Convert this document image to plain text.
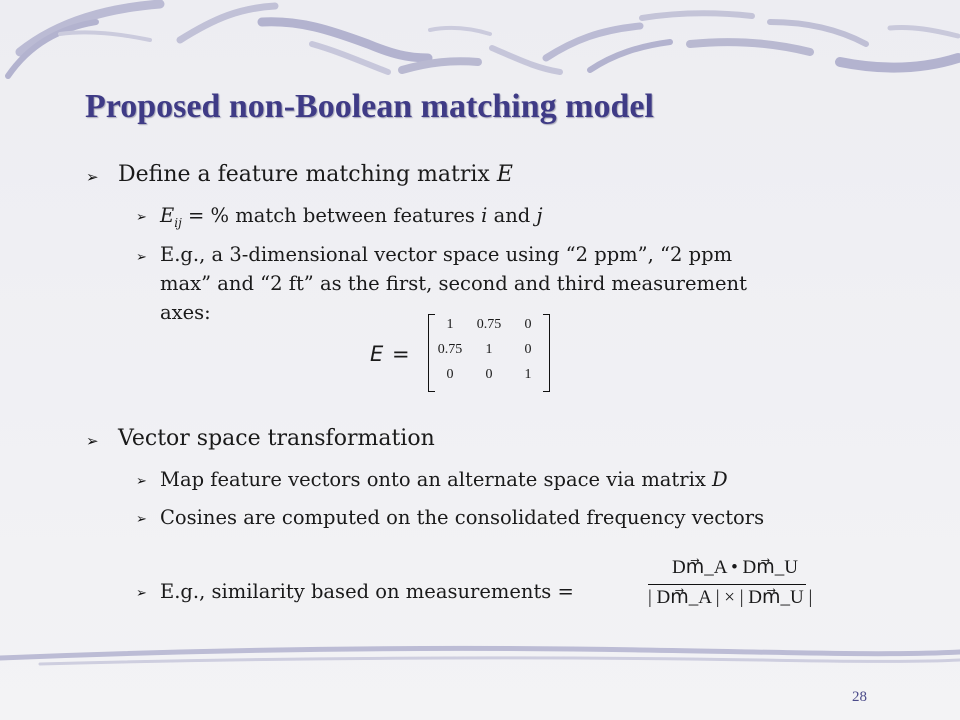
Proposed non-Boolean matching model
➢ Define a feature matching matrix E
➢ $E_{ij}$ = % match between features i and j
➢ E.g., a 3-dimensional vector space using “2 ppm”, “2 ppm
max” and “2 ft” as the first, second and third measurement
axes:
E =
1	0.75	0
0.75	1	0
0	0	1
➢ Vector space transformation
➢ Map feature vectors onto an alternate space via matrix D
➢ Cosines are computed on the consolidated frequency vectors
➢ E.g., similarity based on measurements =
Dm⃗_A • Dm⃗_U
| Dm⃗_A | × | Dm⃗_U |
28
